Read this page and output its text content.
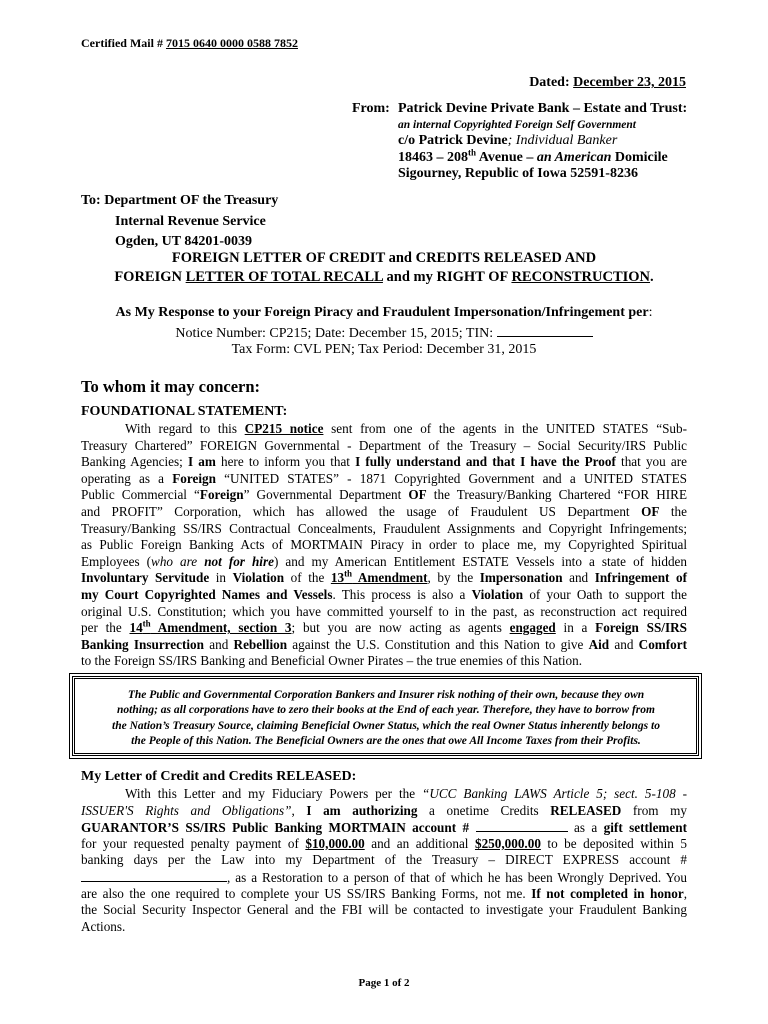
Certified Mail # 7015 0640 0000 0588 7852
Dated: December 23, 2015
From: Patrick Devine Private Bank – Estate and Trust:
an internal Copyrighted Foreign Self Government
c/o Patrick Devine; Individual Banker
18463 – 208th Avenue – an American Domicile
Sigourney, Republic of Iowa 52591-8236
To: Department OF the Treasury
Internal Revenue Service
Ogden, UT 84201-0039
FOREIGN LETTER OF CREDIT and CREDITS RELEASED AND
FOREIGN LETTER OF TOTAL RECALL and my RIGHT OF RECONSTRUCTION.
As My Response to your Foreign Piracy and Fraudulent Impersonation/Infringement per:
Notice Number: CP215; Date: December 15, 2015; TIN:
Tax Form: CVL PEN; Tax Period: December 31, 2015
To whom it may concern:
FOUNDATIONAL STATEMENT:
With regard to this CP215 notice sent from one of the agents in the UNITED STATES “Sub-
Treasury Chartered” FOREIGN Governmental - Department of the Treasury – Social Security/IRS Public
Banking Agencies; I am here to inform you that I fully understand and that I have the Proof that you are
operating as a Foreign “UNITED STATES” - 1871 Copyrighted Government and a UNITED STATES
Public Commercial “Foreign” Governmental Department OF the Treasury/Banking Chartered “FOR HIRE
and PROFIT” Corporation, which has allowed the usage of Fraudulent US Department OF the
Treasury/Banking SS/IRS Contractual Concealments, Fraudulent Assignments and Copyright Infringements;
as Public Foreign Banking Acts of MORTMAIN Piracy in order to place me, my Copyrighted Spiritual
Employees (who are not for hire) and my American Entitlement ESTATE Vessels into a state of hidden
Involuntary Servitude in Violation of the 13th Amendment, by the Impersonation and Infringement of
my Court Copyrighted Names and Vessels. This process is also a Violation of your Oath to support the
original U.S. Constitution; which you have committed yourself to in the past, as reconstruction act required
per the 14th Amendment, section 3; but you are now acting as agents engaged in a Foreign SS/IRS
Banking Insurrection and Rebellion against the U.S. Constitution and this Nation to give Aid and Comfort
to the Foreign SS/IRS Banking and Beneficial Owner Pirates – the true enemies of this Nation.
The Public and Governmental Corporation Bankers and Insurer risk nothing of their own, because they own
nothing; as all corporations have to zero their books at the End of each year. Therefore, they have to borrow from
the Nation’s Treasury Source, claiming Beneficial Owner Status, which the real Owner Status inherently belongs to
the People of this Nation. The Beneficial Owners are the ones that owe All Income Taxes from their Profits.
My Letter of Credit and Credits RELEASED:
With this Letter and my Fiduciary Powers per the “UCC Banking LAWS Article 5; sect. 5-108 -
ISSUER'S Rights and Obligations”, I am authorizing a onetime Credits RELEASED from my
GUARANTOR’S SS/IRS Public Banking MORTMAIN account #	as a gift settlement
for your requested penalty payment of $10,000.00 and an additional $250,000.00 to be deposited within 5
banking days per the Law into my Department of the Treasury – DIRECT EXPRESS account #
, as a Restoration to a person of that of which he has been Wrongly Deprived. You
are also the one required to complete your US SS/IRS Banking Forms, not me. If not completed in honor,
the Social Security Inspector General and the FBI will be contacted to investigate your Fraudulent Banking
Actions.
Page 1 of 2
